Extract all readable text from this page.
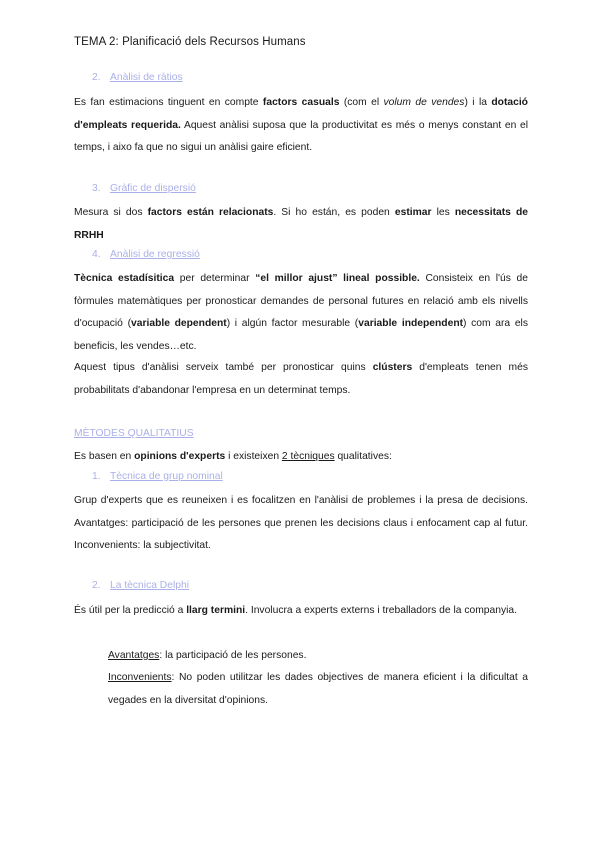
TEMA 2: Planificació dels Recursos Humans
2. Anàlisi de ràtios
Es fan estimacions tinguent en compte factors casuals (com el volum de vendes) i la dotació d'empleats requerida. Aquest anàlisi suposa que la productivitat es més o menys constant en el temps, i aixo fa que no sigui un anàlisi gaire eficient.
3. Gràfic de dispersió
Mesura si dos factors están relacionats. Si ho están, es poden estimar les necessitats de RRHH
4. Anàlisi de regressió
Tècnica estadísitica per determinar “el millor ajust” lineal possible. Consisteix en l'ús de fòrmules matemàtiques per pronosticar demandes de personal futures en relació amb els nivells d'ocupació (variable dependent) i algún factor mesurable (variable independent) com ara els beneficis, les vendes…etc.
Aquest tipus d'anàlisi serveix també per pronosticar quins clústers d'empleats tenen més probabilitats d'abandonar l'empresa en un determinat temps.
MÈTODES QUALITATIUS
Es basen en opinions d'experts i existeixen 2 tècniques qualitatives:
1. Tècnica de grup nominal
Grup d'experts que es reuneixen i es focalitzen en l'anàlisi de problemes i la presa de decisions. Avantatges: participació de les persones que prenen les decisions claus i enfocament cap al futur. Inconvenients: la subjectivitat.
2. La tècnica Delphi
És útil per la predicció a llarg termini. Involucra a experts externs i treballadors de la companyia.
Avantatges: la participació de les persones.
Inconvenients: No poden utilitzar les dades objectives de manera eficient i la dificultat a vegades en la diversitat d'opinions.
